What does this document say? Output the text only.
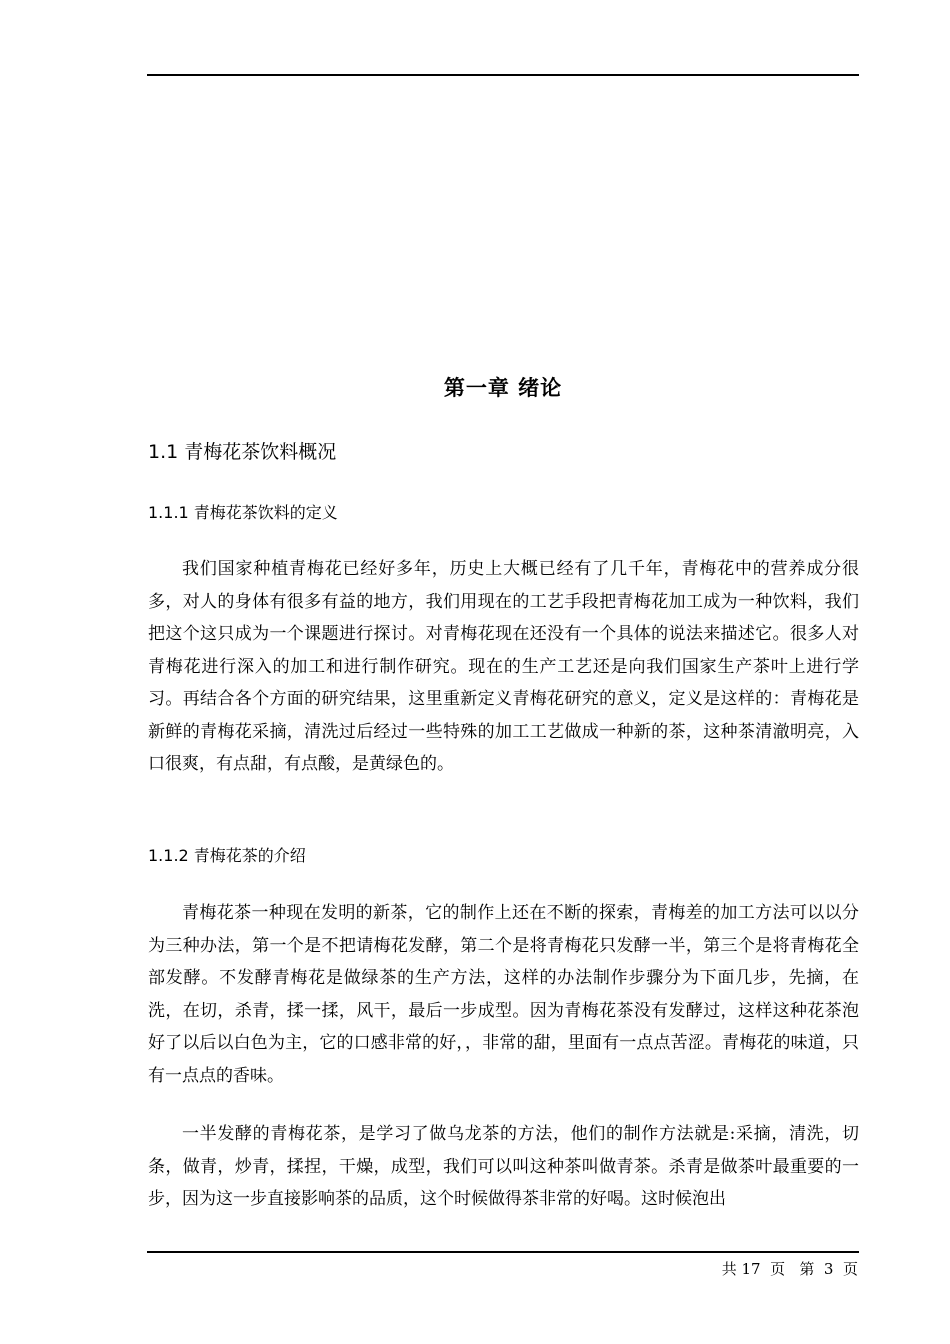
第一章 绪论
1.1 青梅花茶饮料概况
1.1.1 青梅花茶饮料的定义

我们国家种植青梅花已经好多年，历史上大概已经有了几千年，青梅花中的营养成分很多，对人的身体有很多有益的地方，我们用现在的工艺手段把青梅花加工成为一种饮料，我们把这个这只成为一个课题进行探讨。对青梅花现在还没有一个具体的说法来描述它。很多人对青梅花进行深入的加工和进行制作研究。现在的生产工艺还是向我们国家生产茶叶上进行学习。再结合各个方面的研究结果，这里重新定义青梅花研究的意义，定义是这样的：青梅花是新鲜的青梅花采摘，清洗过后经过一些特殊的加工工艺做成一种新的茶，这种茶清澈明亮，入口很爽，有点甜，有点酸，是黄绿色的。

1.1.2 青梅花茶的介绍

青梅花茶一种现在发明的新茶，它的制作上还在不断的探索，青梅差的加工方法可以以分为三种办法，第一个是不把请梅花发酵，第二个是将青梅花只发酵一半，第三个是将青梅花全部发酵。不发酵青梅花是做绿茶的生产方法，这样的办法制作步骤分为下面几步，先摘，在洗，在切，杀青，揉一揉，风干，最后一步成型。因为青梅花茶没有发酵过，这样这种花茶泡好了以后以白色为主，它的口感非常的好，，非常的甜，里面有一点点苦涩。青梅花的味道，只有一点点的香味。

一半发酵的青梅花茶，是学习了做乌龙茶的方法，他们的制作方法就是:采摘，清洗，切条，做青，炒青，揉捏，干燥，成型，我们可以叫这种茶叫做青茶。杀青是做茶叶最重要的一步，因为这一步直接影响茶的品质，这个时候做得茶非常的好喝。这时候泡出

共 17  页   第  3  页
